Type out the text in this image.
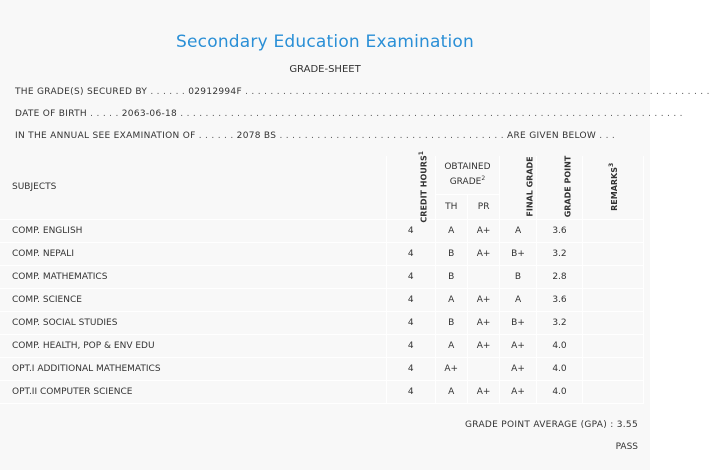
Secondary Education Examination
GRADE-SHEET
THE GRADE(S) SECURED BY . . . . . . 02912994F . . . . . . . . . . . . . . . . . . . . . . . . . . . . . . . . . . . . . . . . . . . . . . . . . . . . . . . . . . . . . . . . . . . . . . . . . .
DATE OF BIRTH . . . . . 2063-06-18 . . . . . . . . . . . . . . . . . . . . . . . . . . . . . . . . . . . . . . . . . . . . . . . . . . . . . . . . . . . . . . . . . . . . . . . . . . . . . . . .
IN THE ANNUAL SEE EXAMINATION OF . . . . . . 2078 BS . . . . . . . . . . . . . . . . . . . . . . . . . . . . . . . . . . . . ARE GIVEN BELOW . . .
SUBJECTS	CREDIT HOURS$^1$	OBTAINED GRADE$^2$		FINAL GRADE	GRADE POINT	REMARKS$^3$
		TH	PR			
COMP. ENGLISH	4	A	A+	A	3.6	
COMP. NEPALI	4	B	A+	B+	3.2	
COMP. MATHEMATICS	4	B		B	2.8	
COMP. SCIENCE	4	A	A+	A	3.6	
COMP. SOCIAL STUDIES	4	B	A+	B+	3.2	
COMP. HEALTH, POP & ENV EDU	4	A	A+	A+	4.0	
OPT.I ADDITIONAL MATHEMATICS	4	A+		A+	4.0	
OPT.II COMPUTER SCIENCE	4	A	A+	A+	4.0	
GRADE POINT AVERAGE (GPA) : 3.55
PASS
